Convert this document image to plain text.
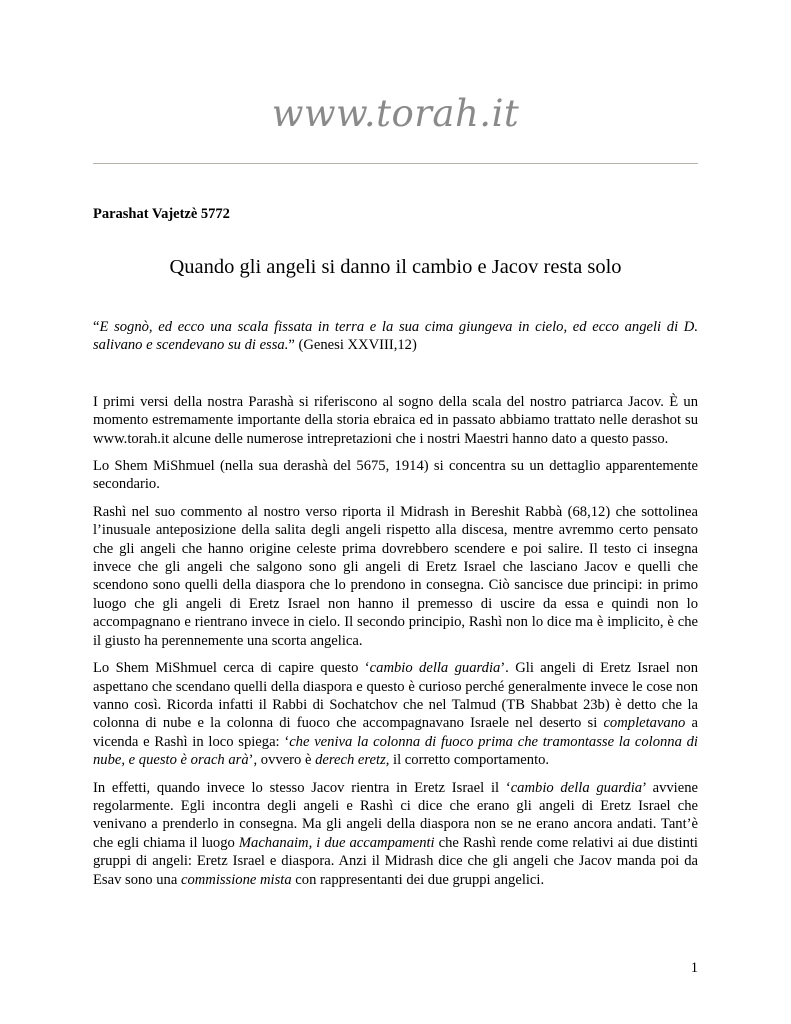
www.torah.it
Parashat Vajetzè 5772
Quando gli angeli si danno il cambio e Jacov resta solo

“E sognò, ed ecco una scala fissata in terra e la sua cima giungeva in cielo, ed ecco angeli di D. salivano e scendevano su di essa.” (Genesi XXVIII,12)

I primi versi della nostra Parashà si riferiscono al sogno della scala del nostro patriarca Jacov. È un momento estremamente importante della storia ebraica ed in passato abbiamo trattato nelle derashot su www.torah.it alcune delle numerose intrepretazioni che i nostri Maestri hanno dato a questo passo.

Lo Shem MiShmuel (nella sua derashà del 5675, 1914) si concentra su un dettaglio apparentemente secondario.

Rashì nel suo commento al nostro verso riporta il Midrash in Bereshit Rabbà (68,12) che sottolinea l’inusuale anteposizione della salita degli angeli rispetto alla discesa, mentre avremmo certo pensato che gli angeli che hanno origine celeste prima dovrebbero scendere e poi salire. Il testo ci insegna invece che gli angeli che salgono sono gli angeli di Eretz Israel che lasciano Jacov e quelli che scendono sono quelli della diaspora che lo prendono in consegna. Ciò sancisce due principi: in primo luogo che gli angeli di Eretz Israel non hanno il premesso di uscire da essa e quindi non lo accompagnano e rientrano invece in cielo. Il secondo principio, Rashì non lo dice ma è implicito, è che il giusto ha perennemente una scorta angelica.

Lo Shem MiShmuel cerca di capire questo ‘cambio della guardia’. Gli angeli di Eretz Israel non aspettano che scendano quelli della diaspora e questo è curioso perché generalmente invece le cose non vanno così. Ricorda infatti il Rabbi di Sochatchov che nel Talmud (TB Shabbat 23b) è detto che la colonna di nube e la colonna di fuoco che accompagnavano Israele nel deserto si completavano a vicenda e Rashì in loco spiega: ‘che veniva la colonna di fuoco prima che tramontasse la colonna di nube, e questo è orach arà’, ovvero è derech eretz, il corretto comportamento.

In effetti, quando invece lo stesso Jacov rientra in Eretz Israel il ‘cambio della guardia’ avviene regolarmente. Egli incontra degli angeli e Rashì ci dice che erano gli angeli di Eretz Israel che venivano a prenderlo in consegna. Ma gli angeli della diaspora non se ne erano ancora andati. Tant’è che egli chiama il luogo Machanaim, i due accampamenti che Rashì rende come relativi ai due distinti gruppi di angeli: Eretz Israel e diaspora. Anzi il Midrash dice che gli angeli che Jacov manda poi da Esav sono una commissione mista con rappresentanti dei due gruppi angelici.

1
